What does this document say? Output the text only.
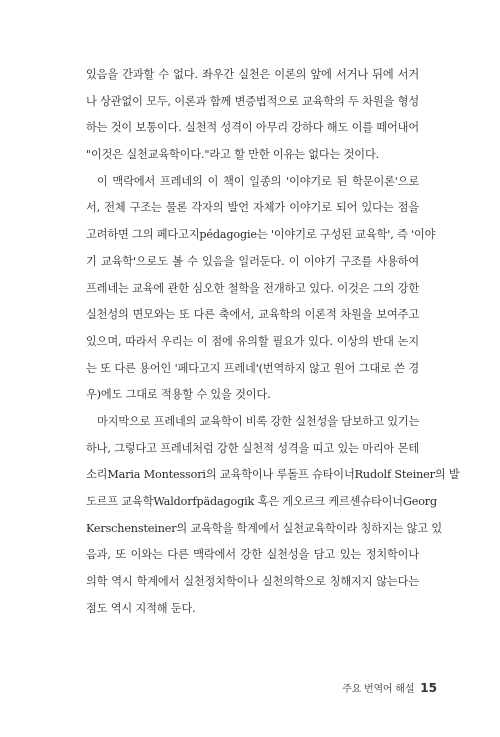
있음을 간과할 수 없다. 좌우간 실천은 이론의 앞에 서거나 뒤에 서거
나 상관없이 모두, 이론과 함께 변증법적으로 교육학의 두 차원을 형성
하는 것이 보통이다. 실천적 성격이 아무리 강하다 해도 이를 떼어내어
"이것은 실천교육학이다."라고 할 만한 이유는 없다는 것이다.
이 맥락에서 프레네의 이 책이 일종의 '이야기로 된 학문이론'으로
서, 전체 구조는 물론 각자의 발언 자체가 이야기로 되어 있다는 점을
고려하면 그의 페다고지pédagogie는 '이야기로 구성된 교육학', 즉 '이야
기 교육학'으로도 볼 수 있음을 일러둔다. 이 이야기 구조를 사용하여
프레네는 교육에 관한 심오한 철학을 전개하고 있다. 이것은 그의 강한
실천성의 면모와는 또 다른 축에서, 교육학의 이론적 차원을 보여주고
있으며, 따라서 우리는 이 점에 유의할 필요가 있다. 이상의 반대 논지
는 또 다른 용어인 '페다고지 프레네'(번역하지 않고 원어 그대로 쓴 경
우)에도 그대로 적용할 수 있을 것이다.
마지막으로 프레네의 교육학이 비록 강한 실천성을 담보하고 있기는
하나, 그렇다고 프레네처럼 강한 실천적 성격을 띠고 있는 마리아 몬테
소리Maria Montessori의 교육학이나 루돌프 슈타이너Rudolf Steiner의 발
도르프 교육학Waldorfpädagogik 혹은 게오르크 케르셴슈타이너Georg
Kerschensteiner의 교육학을 학계에서 실천교육학이라 칭하지는 않고 있
음과, 또 이와는 다른 맥락에서 강한 실천성을 담고 있는 정치학이나
의학 역시 학계에서 실천정치학이나 실천의학으로 칭해지지 않는다는
점도 역시 지적해 둔다.
주요 번역어 해설 15
